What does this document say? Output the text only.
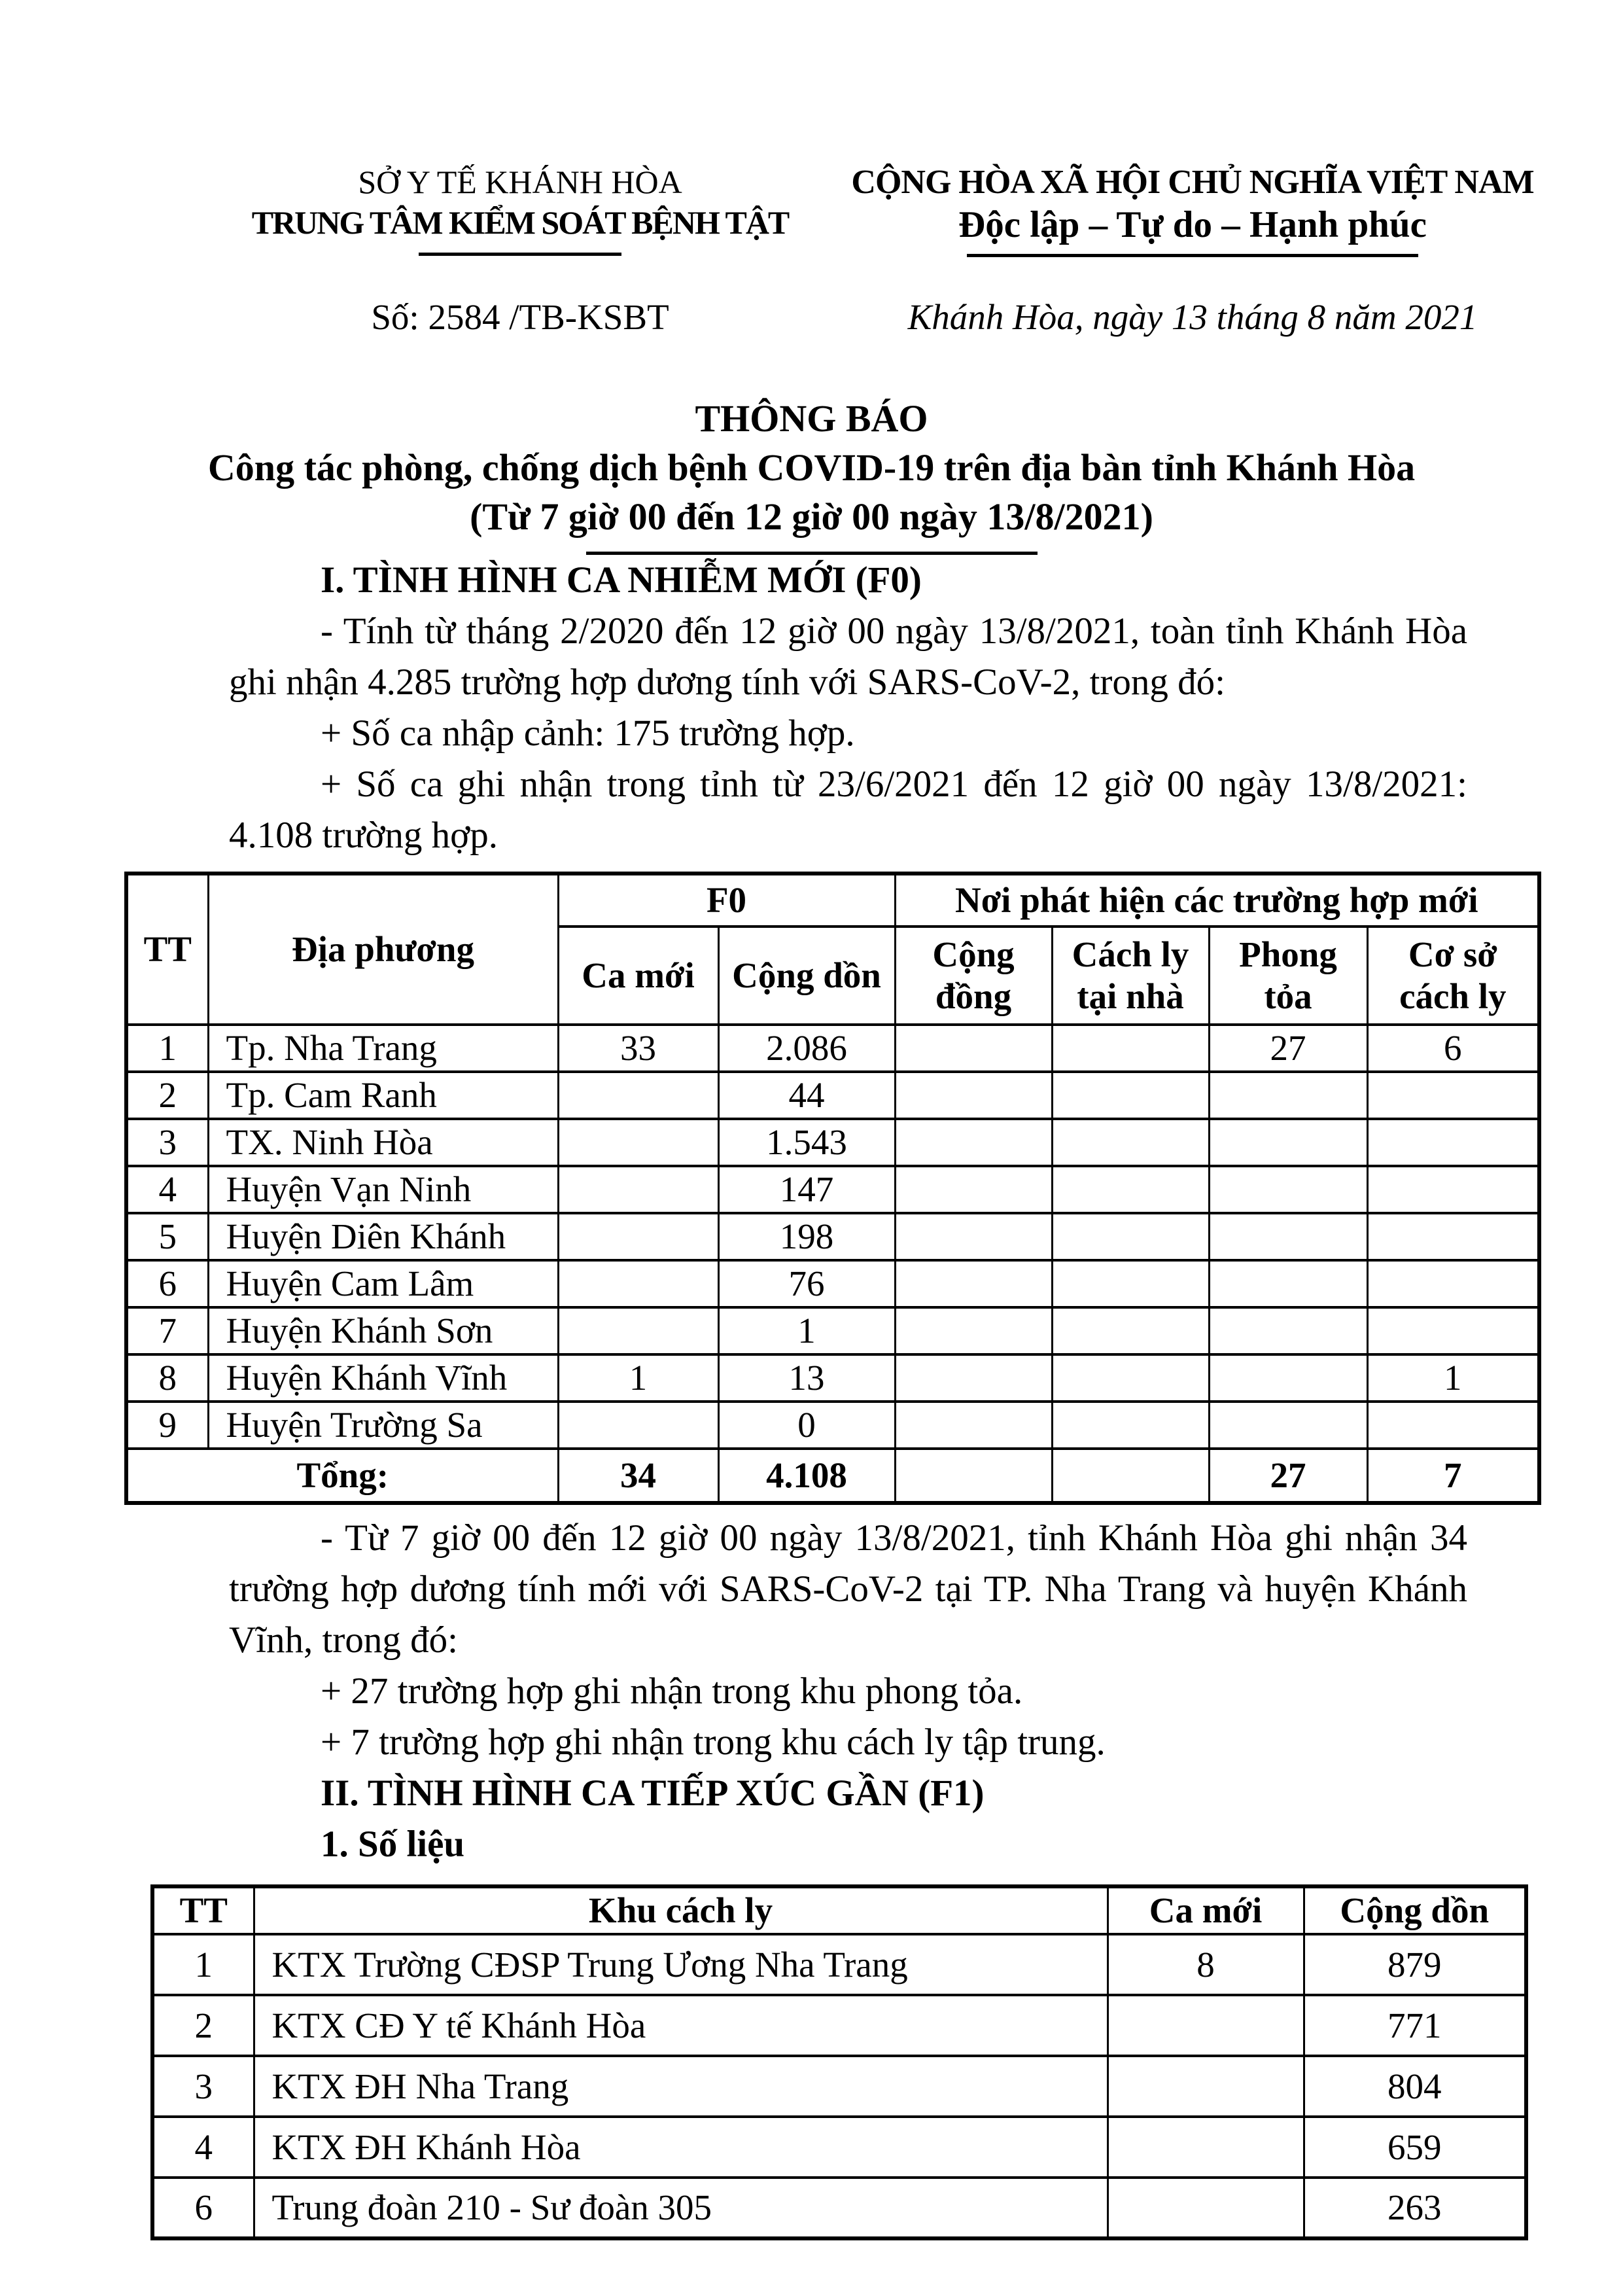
SỞ Y TẾ KHÁNH HÒA
TRUNG TÂM KIỂM SOÁT BỆNH TẬT
CỘNG HÒA XÃ HỘI CHỦ NGHĨA VIỆT NAM
Độc lập – Tự do – Hạnh phúc
Số: 2584 /TB-KSBT	Khánh Hòa, ngày 13 tháng 8 năm 2021
THÔNG BÁO
Công tác phòng, chống dịch bệnh COVID-19 trên địa bàn tỉnh Khánh Hòa
(Từ 7 giờ 00 đến 12 giờ 00 ngày 13/8/2021)

I. TÌNH HÌNH CA NHIỄM MỚI (F0)

- Tính từ tháng 2/2020 đến 12 giờ 00 ngày 13/8/2021, toàn tỉnh Khánh Hòa ghi nhận 4.285 trường hợp dương tính với SARS-CoV-2, trong đó:

+ Số ca nhập cảnh: 175 trường hợp.

+ Số ca ghi nhận trong tỉnh từ 23/6/2021 đến 12 giờ 00 ngày 13/8/2021: 4.108 trường hợp.

TT	Địa phương	F0		Nơi phát hiện các trường hợp mới			
		Ca mới	Cộng dồn	Cộng đồng	Cách ly tại nhà	Phong tỏa	Cơ sở cách ly
1	Tp. Nha Trang	33	2.086			27	6
2	Tp. Cam Ranh		44				
3	TX. Ninh Hòa		1.543				
4	Huyện Vạn Ninh		147				
5	Huyện Diên Khánh		198				
6	Huyện Cam Lâm		76				
7	Huyện Khánh Sơn		1				
8	Huyện Khánh Vĩnh	1	13				1
9	Huyện Trường Sa		0				
Tổng:		34	4.108			27	7

- Từ 7 giờ 00 đến 12 giờ 00 ngày 13/8/2021, tỉnh Khánh Hòa ghi nhận 34 trường hợp dương tính mới với SARS-CoV-2 tại TP. Nha Trang và huyện Khánh Vĩnh, trong đó:

+ 27 trường hợp ghi nhận trong khu phong tỏa.

+ 7 trường hợp ghi nhận trong khu cách ly tập trung.

II. TÌNH HÌNH CA TIẾP XÚC GẦN (F1)

1. Số liệu

TT	Khu cách ly	Ca mới	Cộng dồn
1	KTX Trường CĐSP Trung Ương Nha Trang	8	879
2	KTX CĐ Y tế Khánh Hòa		771
3	KTX ĐH Nha Trang		804
4	KTX ĐH Khánh Hòa		659
6	Trung đoàn 210 - Sư đoàn 305		263
